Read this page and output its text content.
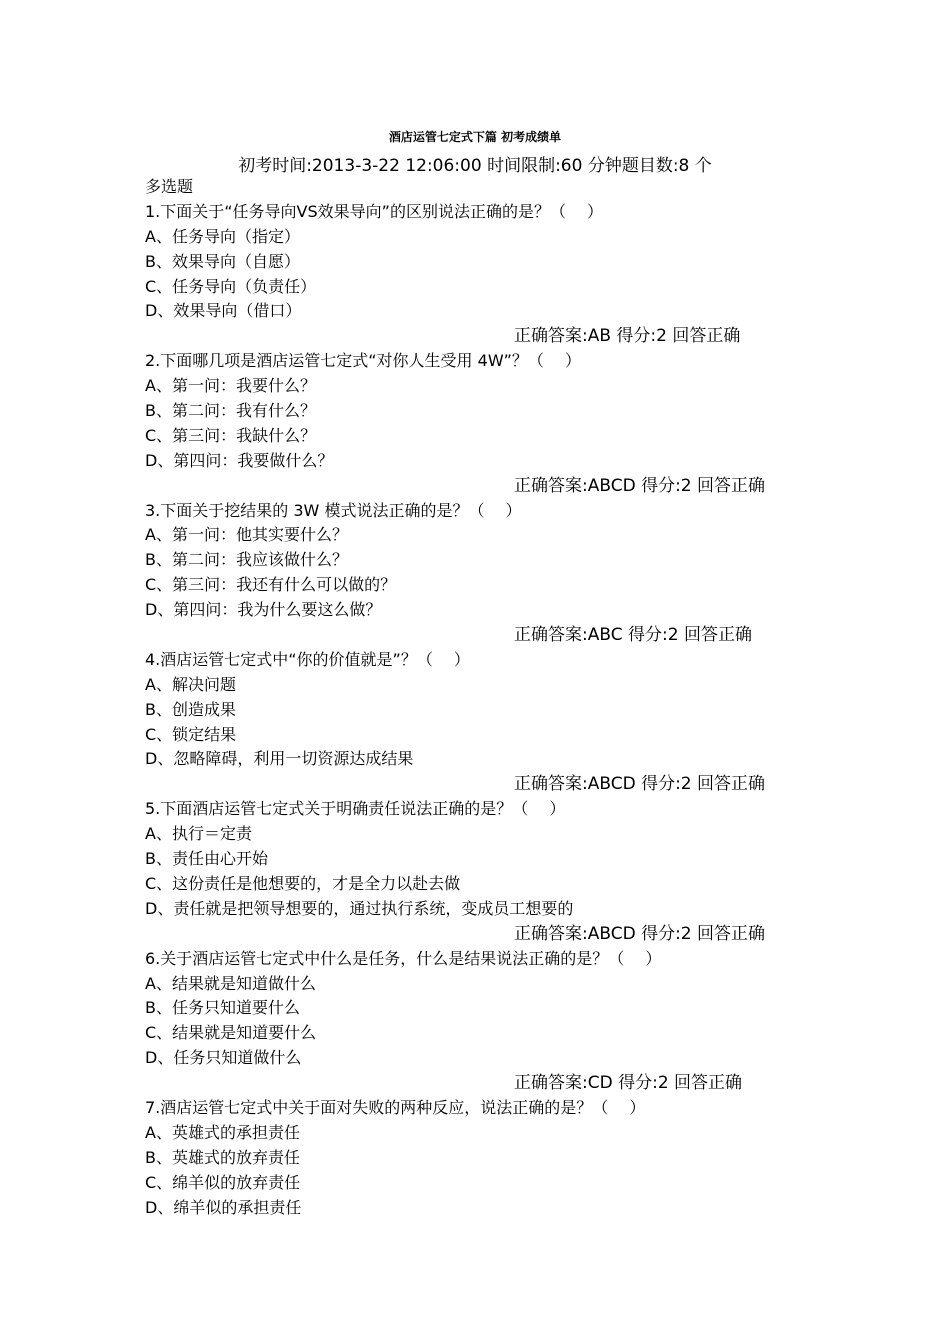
酒店运管七定式下篇 初考成绩单
初考时间:2013-3-22 12:06:00 时间限制:60 分钟题目数:8 个
多选题
1.下面关于“任务导向VS效果导向”的区别说法正确的是？（　 ）
A、任务导向（指定）
B、效果导向（自愿）
C、任务导向（负责任）
D、效果导向（借口）
正确答案:AB 得分:2 回答正确
2.下面哪几项是酒店运管七定式“对你人生受用 4W”？（　 ）
A、第一问：我要什么？
B、第二问：我有什么？
C、第三问：我缺什么？
D、第四问：我要做什么？
正确答案:ABCD 得分:2 回答正确
3.下面关于挖结果的 3W 模式说法正确的是？（　 ）
A、第一问：他其实要什么？
B、第二问：我应该做什么？
C、第三问：我还有什么可以做的？
D、第四问：我为什么要这么做？
正确答案:ABC 得分:2 回答正确
4.酒店运管七定式中“你的价值就是”？（　 ）
A、解决问题
B、创造成果
C、锁定结果
D、忽略障碍，利用一切资源达成结果
正确答案:ABCD 得分:2 回答正确
5.下面酒店运管七定式关于明确责任说法正确的是？（　 ）
A、执行＝定责
B、责任由心开始
C、这份责任是他想要的，才是全力以赴去做
D、责任就是把领导想要的，通过执行系统，变成员工想要的
正确答案:ABCD 得分:2 回答正确
6.关于酒店运管七定式中什么是任务，什么是结果说法正确的是？（　 ）
A、结果就是知道做什么
B、任务只知道要什么
C、结果就是知道要什么
D、任务只知道做什么
正确答案:CD 得分:2 回答正确
7.酒店运管七定式中关于面对失败的两种反应，说法正确的是？（　 ）
A、英雄式的承担责任
B、英雄式的放弃责任
C、绵羊似的放弃责任
D、绵羊似的承担责任
